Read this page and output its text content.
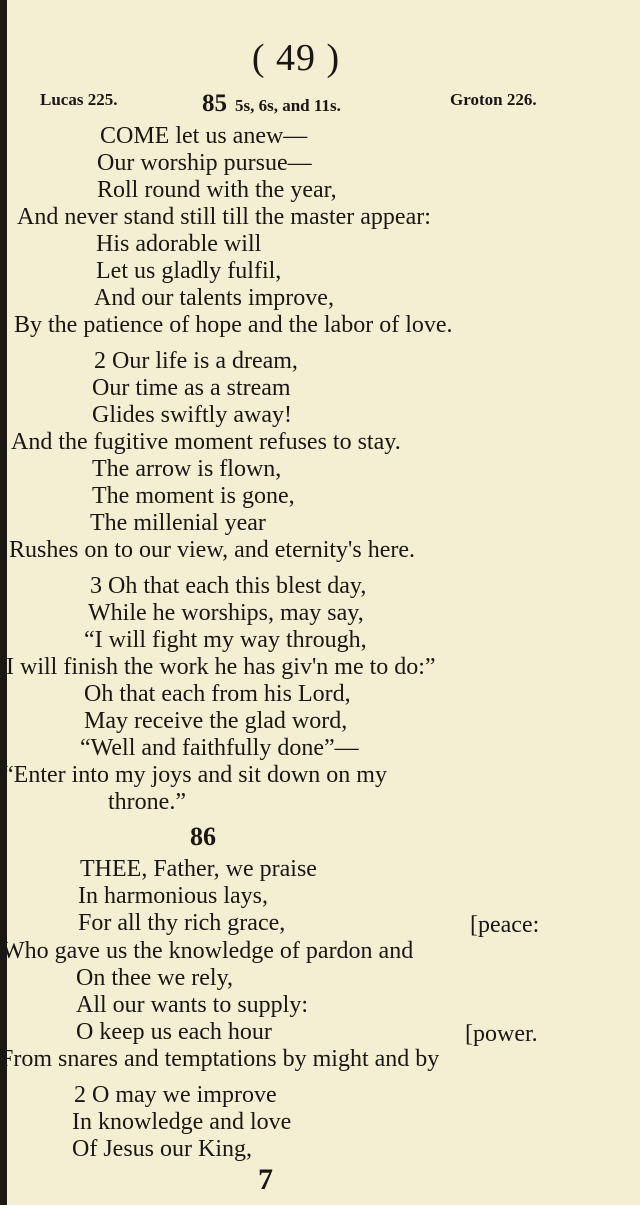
( 49 )
Lucas 225.	85 5s, 6s, and 11s.	Groton 226.
COME let us anew—
Our worship pursue—
Roll round with the year,
And never stand still till the master appear:
His adorable will
Let us gladly fulfil,
And our talents improve,
By the patience of hope and the labor of love.
2 Our life is a dream,
Our time as a stream
Glides swiftly away!
And the fugitive moment refuses to stay.
The arrow is flown,
The moment is gone,
The millenial year
Rushes on to our view, and eternity's here.
3 Oh that each this blest day,
While he worships, may say,
“I will fight my way through,
I will finish the work he has giv'n me to do:”
Oh that each from his Lord,
May receive the glad word,
“Well and faithfully done”—
“Enter into my joys and sit down on my
throne.”
86
THEE, Father, we praise
In harmonious lays,
For all thy rich grace,	[peace:
Who gave us the knowledge of pardon and
On thee we rely,
All our wants to supply:
O keep us each hour	[power.
From snares and temptations by might and by
2 O may we improve
In knowledge and love
Of Jesus our King,
7
